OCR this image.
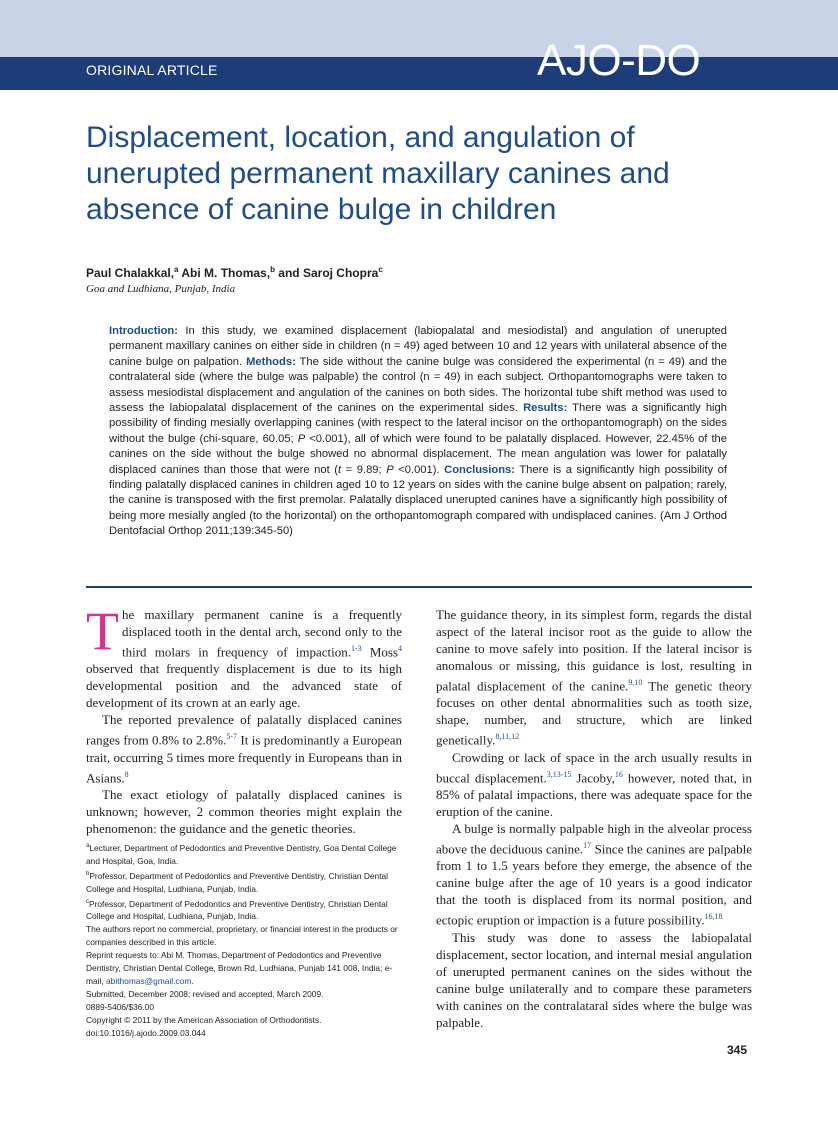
ORIGINAL ARTICLE	AJO-DO
Displacement, location, and angulation of unerupted permanent maxillary canines and absence of canine bulge in children
Paul Chalakkal,$^a$ Abi M. Thomas,$^b$ and Saroj Chopra$^c$
Goa and Ludhiana, Punjab, India
Introduction: In this study, we examined displacement (labiopalatal and mesiodistal) and angulation of unerupted permanent maxillary canines on either side in children (n = 49) aged between 10 and 12 years with unilateral absence of the canine bulge on palpation. Methods: The side without the canine bulge was considered the experimental (n = 49) and the contralateral side (where the bulge was palpable) the control (n = 49) in each subject. Orthopantomographs were taken to assess mesiodistal displacement and angulation of the canines on both sides. The horizontal tube shift method was used to assess the labiopalatal displacement of the canines on the experimental sides. Results: There was a significantly high possibility of finding mesially overlapping canines (with respect to the lateral incisor on the orthopantomograph) on the sides without the bulge (chi-square, 60.05; P <0.001), all of which were found to be palatally displaced. However, 22.45% of the canines on the side without the bulge showed no abnormal displacement. The mean angulation was lower for palatally displaced canines than those that were not (t = 9.89; P <0.001). Conclusions: There is a significantly high possibility of finding palatally displaced canines in children aged 10 to 12 years on sides with the canine bulge absent on palpation; rarely, the canine is transposed with the first premolar. Palatally displaced unerupted canines have a significantly high possibility of being more mesially angled (to the horizontal) on the orthopantomograph compared with undisplaced canines. (Am J Orthod Dentofacial Orthop 2011;139:345-50)

The maxillary permanent canine is a frequently displaced tooth in the dental arch, second only to the third molars in frequency of impaction.$^{1-3}$ Moss$^4$ observed that frequently displacement is due to its high developmental position and the advanced state of development of its crown at an early age.

The reported prevalence of palatally displaced canines ranges from 0.8% to 2.8%.$^{5-7}$ It is predominantly a European trait, occurring 5 times more frequently in Europeans than in Asians.$^8$

The exact etiology of palatally displaced canines is unknown; however, 2 common theories might explain the phenomenon: the guidance and the genetic theories.

$^a$Lecturer, Department of Pedodontics and Preventive Dentistry, Goa Dental College and Hospital, Goa, India.
$^b$Professor, Department of Pedodontics and Preventive Dentistry, Christian Dental College and Hospital, Ludhiana, Punjab, India.
$^c$Professor, Department of Pedodontics and Preventive Dentistry, Christian Dental College and Hospital, Ludhiana, Punjab, India.
The authors report no commercial, proprietary, or financial interest in the products or companies described in this article.
Reprint requests to: Abi M. Thomas, Department of Pedodontics and Preventive Dentistry, Christian Dental College, Brown Rd, Ludhiana, Punjab 141 008, India; e-mail, abithomas@gmail.com.
Submitted, December 2008; revised and accepted, March 2009.
0889-5406/$36.00
Copyright © 2011 by the American Association of Orthodontists.
doi:10.1016/j.ajodo.2009.03.044

The guidance theory, in its simplest form, regards the distal aspect of the lateral incisor root as the guide to allow the canine to move safely into position. If the lateral incisor is anomalous or missing, this guidance is lost, resulting in palatal displacement of the canine.$^{9,10}$ The genetic theory focuses on other dental abnormalities such as tooth size, shape, number, and structure, which are linked genetically.$^{8,11,12}$

Crowding or lack of space in the arch usually results in buccal displacement.$^{3,13-15}$ Jacoby,$^{16}$ however, noted that, in 85% of palatal impactions, there was adequate space for the eruption of the canine.

A bulge is normally palpable high in the alveolar process above the deciduous canine.$^{17}$ Since the canines are palpable from 1 to 1.5 years before they emerge, the absence of the canine bulge after the age of 10 years is a good indicator that the tooth is displaced from its normal position, and ectopic eruption or impaction is a future possibility.$^{16,18}$

This study was done to assess the labiopalatal displacement, sector location, and internal mesial angulation of unerupted permanent canines on the sides without the canine bulge unilaterally and to compare these parameters with canines on the contralataral sides where the bulge was palpable.

345
